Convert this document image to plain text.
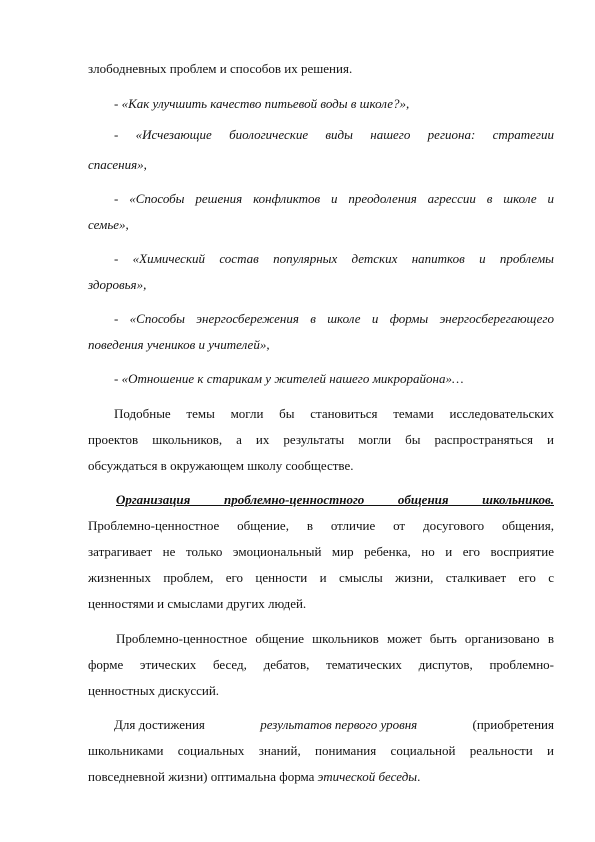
злободневных проблем и способов их решения.
- «Как улучшить качество питьевой воды в школе?»,
- «Исчезающие биологические виды нашего региона: стратегии
спасения»,
- «Способы решения конфликтов и преодоления агрессии в школе и
семье»,
- «Химический состав популярных детских напитков и проблемы
здоровья»,
- «Способы энергосбережения в школе и формы энергосберегающего
поведения учеников и учителей»,
- «Отношение к старикам у жителей нашего микрорайона»…
Подобные темы могли бы становиться темами исследовательских
проектов школьников, а их результаты могли бы распространяться и
обсуждаться в окружающем школу сообществе.
Организация проблемно-ценностного общения школьников.
Проблемно-ценностное общение, в отличие от досугового общения,
затрагивает не только эмоциональный мир ребенка, но и его восприятие
жизненных проблем, его ценности и смыслы жизни, сталкивает его с
ценностями и смыслами других людей.
Проблемно-ценностное общение школьников может быть организовано в
форме этических бесед, дебатов, тематических диспутов, проблемно-
ценностных дискуссий.
Для достижения	результатов первого уровня	(приобретения
школьниками социальных знаний, понимания социальной реальности и
повседневной жизни) оптимальна форма этической беседы.
